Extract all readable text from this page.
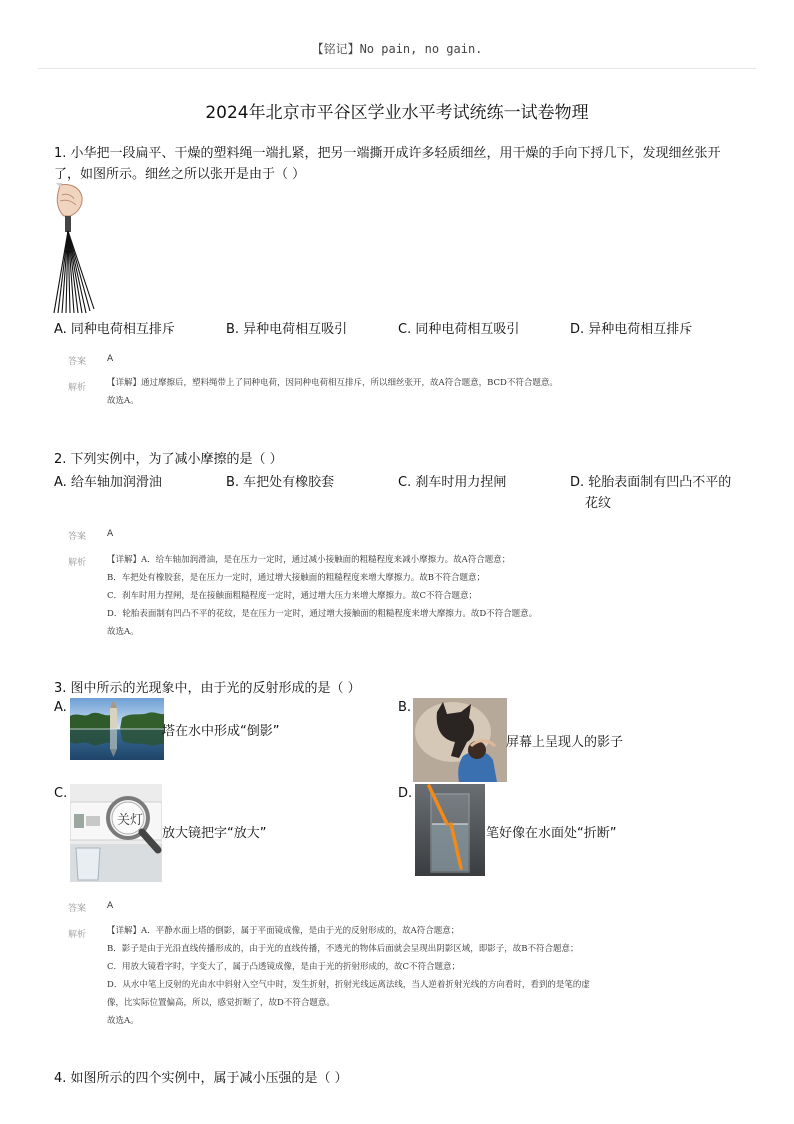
【铭记】No pain, no gain.
2024年北京市平谷区学业水平考试统练一试卷物理
1. 小华把一段扁平、干燥的塑料绳一端扎紧，把另一端撕开成许多轻质细丝，用干燥的手向下捋几下，发现细丝张开
了，如图所示。细丝之所以张开是由于（ ）
A. 同种电荷相互排斥	B. 异种电荷相互吸引	C. 同种电荷相互吸引	D. 异种电荷相互排斥
答案 A
解析 【详解】通过摩擦后，塑料绳带上了同种电荷，因同种电荷相互排斥，所以细丝张开，故A符合题意，BCD不符合题意。
故选A。
2. 下列实例中，为了减小摩擦的是（ ）
A. 给车轴加润滑油	B. 车把处有橡胶套	C. 刹车时用力捏闸	D. 轮胎表面制有凹凸不平的
花纹
答案 A
解析 【详解】A．给车轴加润滑油，是在压力一定时，通过减小接触面的粗糙程度来减小摩擦力。故A符合题意；
B．车把处有橡胶套，是在压力一定时，通过增大接触面的粗糙程度来增大摩擦力。故B不符合题意；
C．刹车时用力捏闸，是在接触面粗糙程度一定时，通过增大压力来增大摩擦力。故C不符合题意；
D．轮胎表面制有凹凸不平的花纹，是在压力一定时，通过增大接触面的粗糙程度来增大摩擦力。故D不符合题意。
故选A。
3. 图中所示的光现象中，由于光的反射形成的是（ ）
A.
塔在水中形成“倒影”
B.
屏幕上呈现人的影子
C.
关灯
放大镜把字“放大”
D.
笔好像在水面处“折断”
答案 A
解析 【详解】A．平静水面上塔的倒影，属于平面镜成像，是由于光的反射形成的，故A符合题意；
B．影子是由于光沿直线传播形成的，由于光的直线传播，不透光的物体后面就会呈现出阴影区域，即影子，故B不符合题意；
C．用放大镜看字时，字变大了，属于凸透镜成像，是由于光的折射形成的，故C不符合题意；
D．从水中笔上反射的光由水中斜射入空气中时，发生折射，折射光线远离法线，当人逆着折射光线的方向看时，看到的是笔的虚
像，比实际位置偏高，所以，感觉折断了，故D不符合题意。
故选A。
4. 如图所示的四个实例中，属于减小压强的是（ ）
